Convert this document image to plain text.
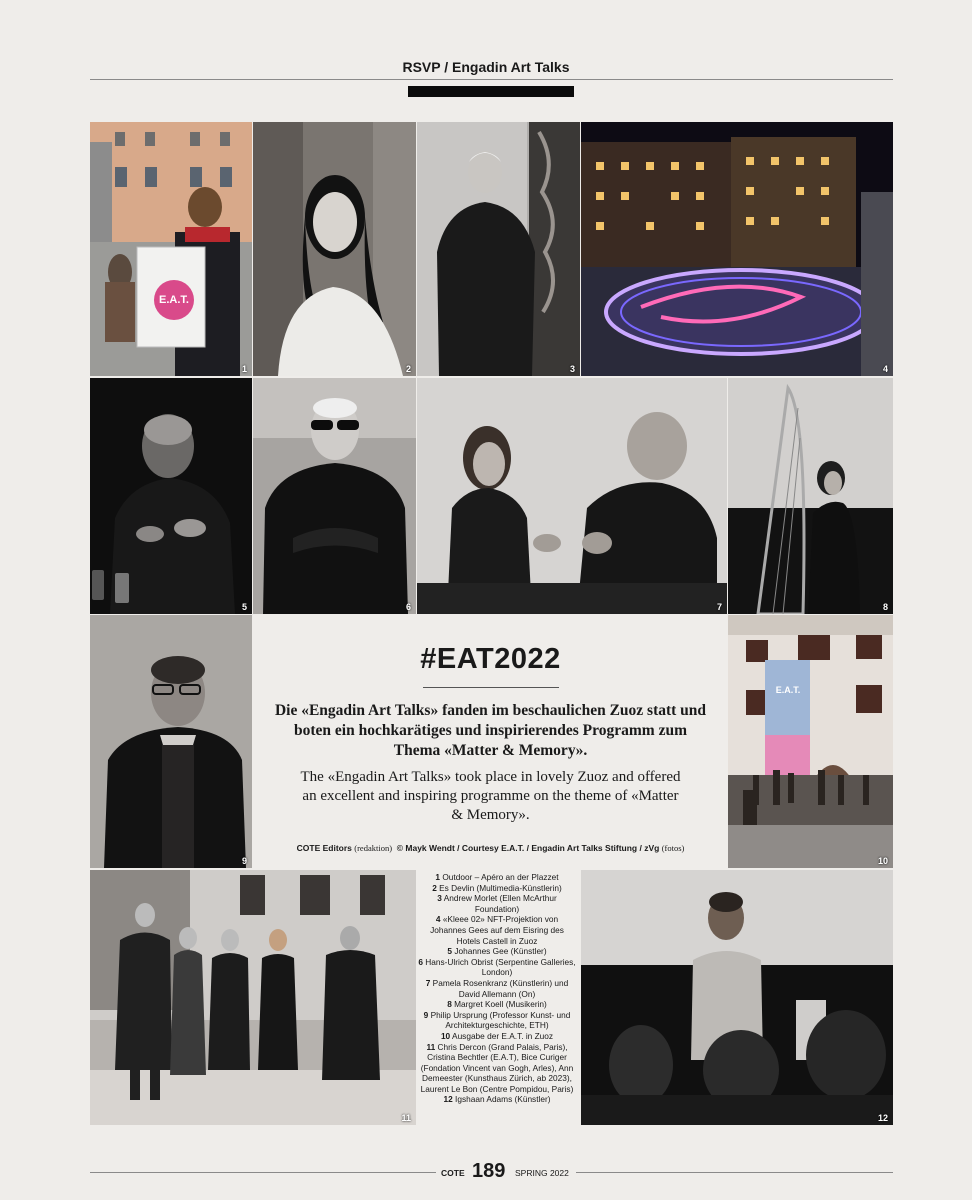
RSVP / Engadin Art Talks
E.A.T.
1	2	3	4
5	6	7	8
9
#EAT2022
Die «Engadin Art Talks» fanden im beschaulichen Zuoz statt und boten ein hochkarätiges und inspirierendes Programm zum Thema «Matter & Memory».
The «Engadin Art Talks» took place in lovely Zuoz and offered an excellent and inspiring programme on the theme of «Matter & Memory».
COTE Editors (redaktion) © Mayk Wendt / Courtesy E.A.T. / Engadin Art Talks Stiftung / zVg (fotos)
E.A.T.
10
11
1 Outdoor – Apéro an der Plazzet
2 Es Devlin (Multimedia-Künstlerin)
3 Andrew Morlet (Ellen McArthur Foundation)
4 «Kleee 02» NFT-Projektion von Johannes Gees auf dem Eisring des Hotels Castell in Zuoz
5 Johannes Gee (Künstler)
6 Hans-Ulrich Obrist (Serpentine Galleries, London)
7 Pamela Rosenkranz (Künstlerin) und David Allemann (On)
8 Margret Koell (Musikerin)
9 Philip Ursprung (Professor Kunst- und Architekturgeschichte, ETH)
10 Ausgabe der E.A.T. in Zuoz
11 Chris Dercon (Grand Palais, Paris), Cristina Bechtler (E.A.T), Bice Curiger (Fondation Vincent van Gogh, Arles), Ann Demeester (Kunsthaus Zürich, ab 2023), Laurent Le Bon (Centre Pompidou, Paris)
12 Igshaan Adams (Künstler)
12
COTE 189 SPRING 2022
